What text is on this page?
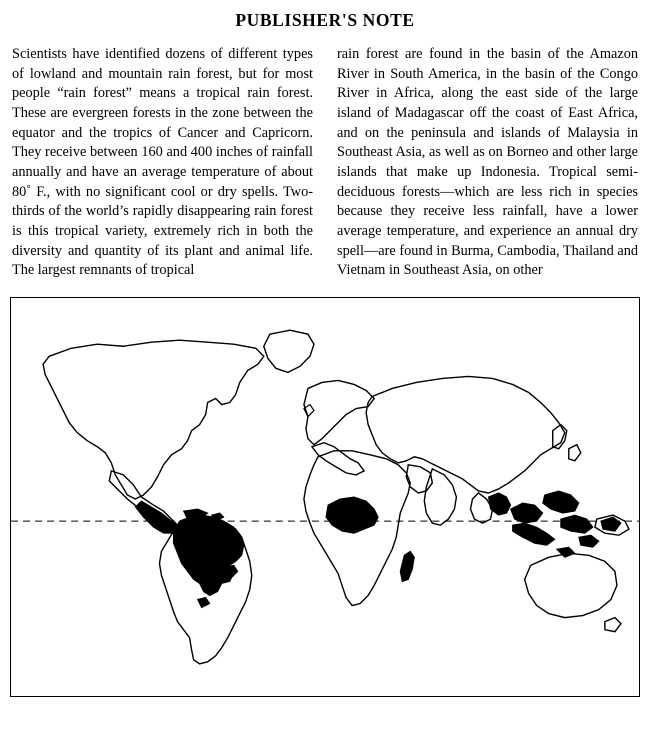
PUBLISHER'S NOTE

Scientists have identified dozens of different types of lowland and mountain rain forest, but for most people “rain forest” means a tropical rain forest. These are evergreen forests in the zone between the equator and the tropics of Cancer and Capricorn. They receive between 160 and 400 inches of rainfall annually and have an average temperature of about 80˚ F., with no significant cool or dry spells. Two-thirds of the world’s rapidly disappearing rain forest is this tropical variety, extremely rich in both the diversity and quantity of its plant and animal life. The largest remnants of tropical

rain forest are found in the basin of the Amazon River in South America, in the basin of the Congo River in Africa, along the east side of the large island of Madagascar off the coast of East Africa, and on the peninsula and islands of Malaysia in Southeast Asia, as well as on Borneo and other large islands that make up Indonesia. Tropical semi-deciduous forests—which are less rich in species because they receive less rainfall, have a lower average temperature, and experience an annual dry spell—are found in Burma, Cambodia, Thailand and Vietnam in Southeast Asia, on other
